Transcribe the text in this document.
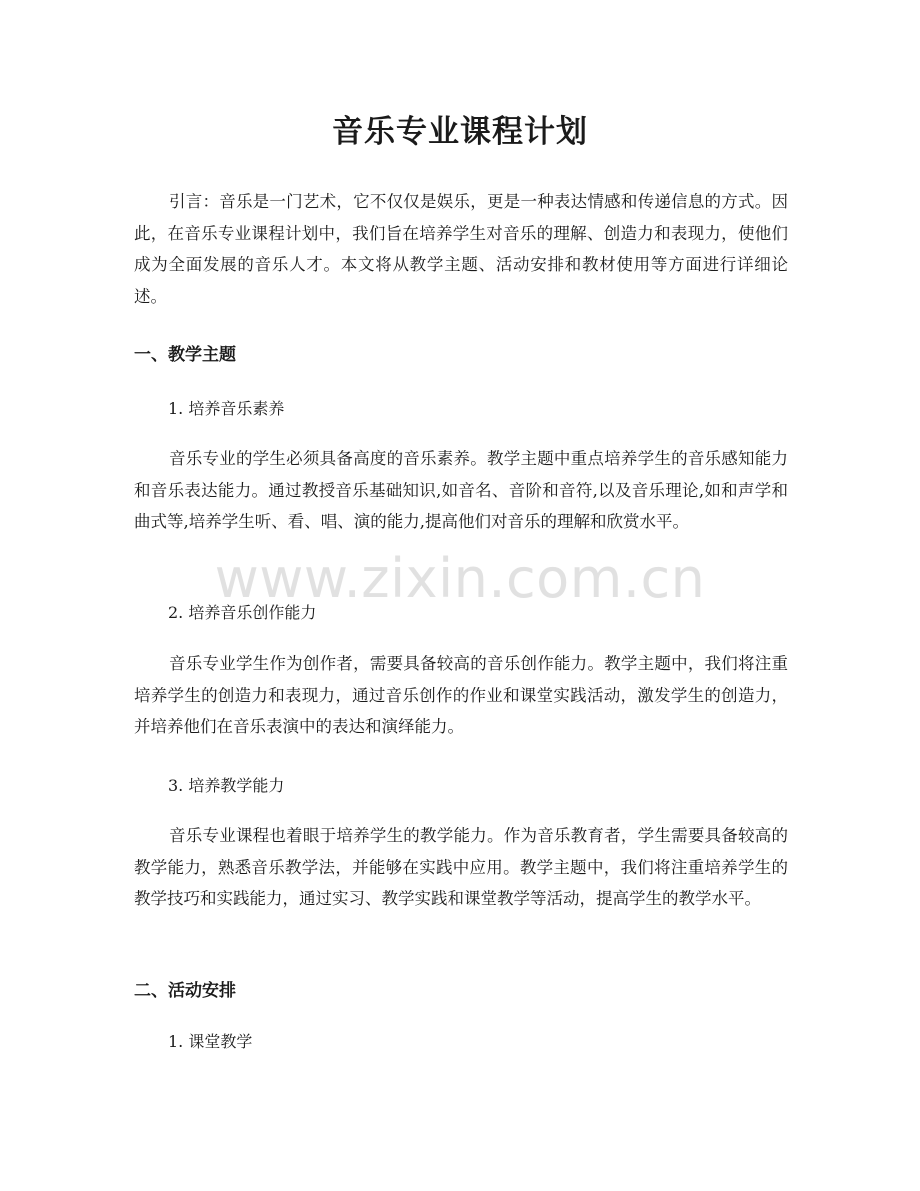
音乐专业课程计划

引言：音乐是一门艺术，它不仅仅是娱乐，更是一种表达情感和传递信息的方式。因此，在音乐专业课程计划中，我们旨在培养学生对音乐的理解、创造力和表现力，使他们成为全面发展的音乐人才。本文将从教学主题、活动安排和教材使用等方面进行详细论述。

一、教学主题
1. 培养音乐素养

音乐专业的学生必须具备高度的音乐素养。教学主题中重点培养学生的音乐感知能力和音乐表达能力。通过教授音乐基础知识,如音名、音阶和音符,以及音乐理论,如和声学和曲式等,培养学生听、看、唱、演的能力,提高他们对音乐的理解和欣赏水平。

2. 培养音乐创作能力

音乐专业学生作为创作者，需要具备较高的音乐创作能力。教学主题中，我们将注重培养学生的创造力和表现力，通过音乐创作的作业和课堂实践活动，激发学生的创造力，并培养他们在音乐表演中的表达和演绎能力。

3. 培养教学能力

音乐专业课程也着眼于培养学生的教学能力。作为音乐教育者，学生需要具备较高的教学能力，熟悉音乐教学法，并能够在实践中应用。教学主题中，我们将注重培养学生的教学技巧和实践能力，通过实习、教学实践和课堂教学等活动，提高学生的教学水平。

二、活动安排
1. 课堂教学
www.zixin.com.cn
